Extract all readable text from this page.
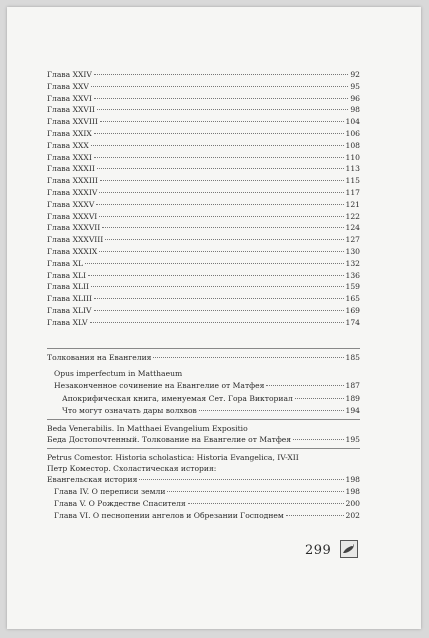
Толкования на Евангелия	185
Opus imperfectum in Matthaeum
Незаконченное сочинение на Евангелие от Матфея	187
Апокрифическая книга, именуемая Сет. Гора Викториал	189
Что могут означать дары волхвов	194
Beda Venerabilis. In Matthaei Evangelium Expositio
Беда Достопочтенный. Толкование на Евангелие от Матфея	195
Petrus Comestor. Historia scholastica: Historia Evangelica, IV-XII
Петр Коместор. Схоластическая история:
Евангельская история	198
Глава IV. О переписи земли	198
Глава V. О Рождестве Спасителя	200
Глава VI. О песнопении ангелов и Обрезании Господнем	202
299
Глава XXIV	92
Глава XXV	95
Глава XXVI	96
Глава XXVII	98
Глава XXVIII	104
Глава XXIX	106
Глава XXX	108
Глава XXXI	110
Глава XXXII	113
Глава XXXIII	115
Глава XXXIV	117
Глава XXXV	121
Глава XXXVI	122
Глава XXXVII	124
Глава XXXVIII	127
Глава XXXIX	130
Глава XL	132
Глава XLI	136
Глава XLII	159
Глава XLIII	165
Глава XLIV	169
Глава XLV	174
